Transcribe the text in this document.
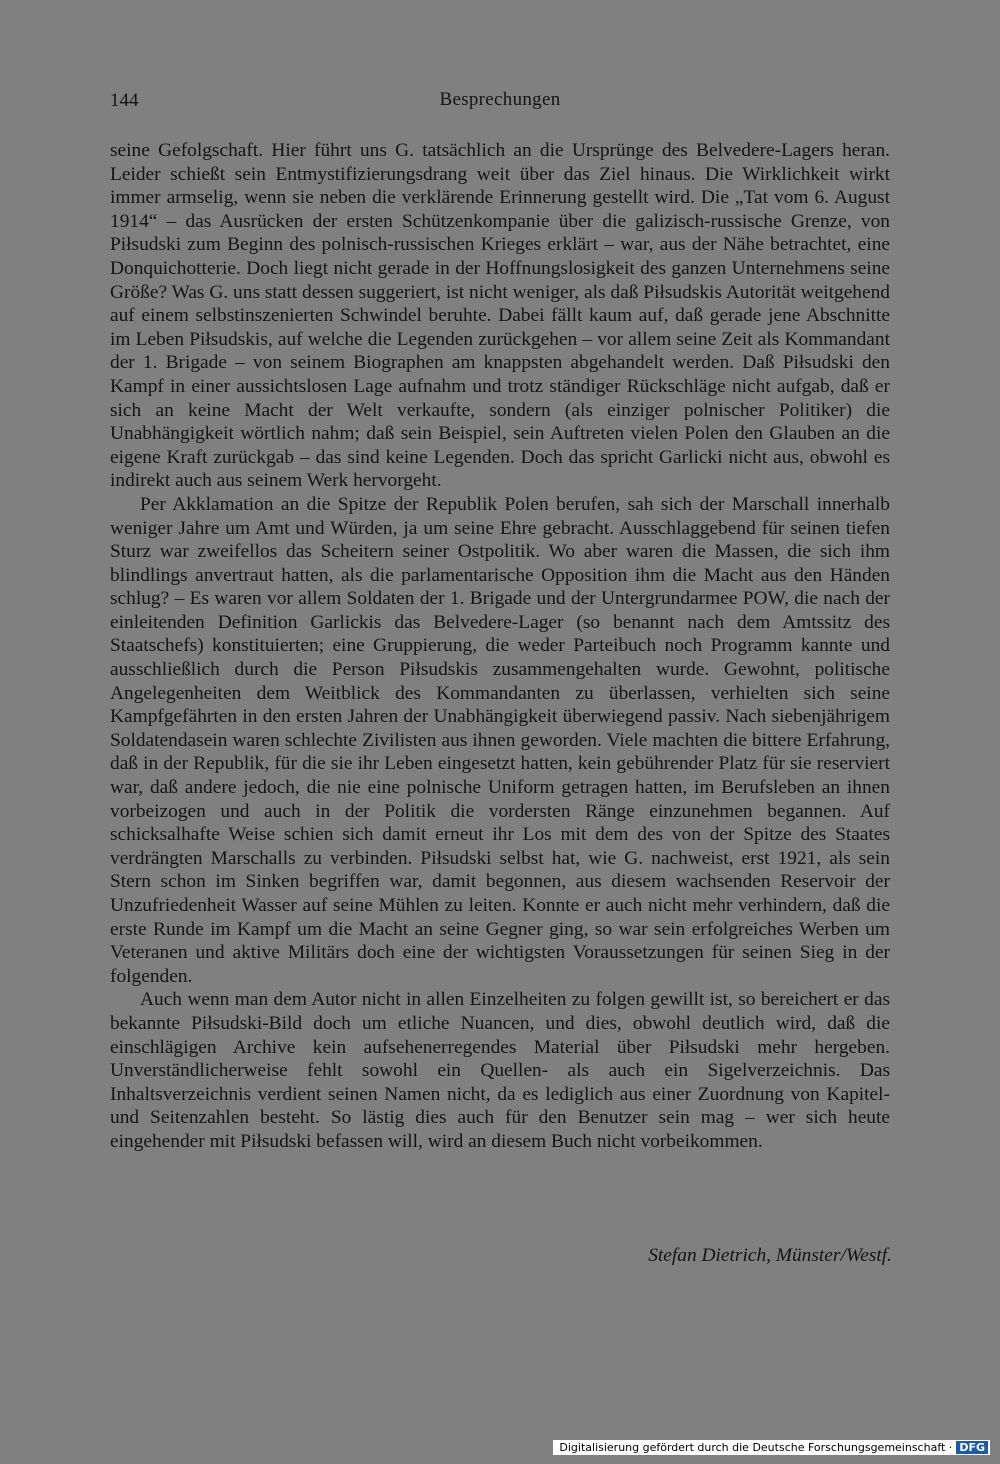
144	Besprechungen

seine Gefolgschaft. Hier führt uns G. tatsächlich an die Ursprünge des Belvedere-Lagers heran. Leider schießt sein Entmystifizierungsdrang weit über das Ziel hinaus. Die Wirklichkeit wirkt immer armselig, wenn sie neben die verklärende Erinnerung gestellt wird. Die „Tat vom 6. August 1914“ – das Ausrücken der ersten Schützenkompanie über die galizisch-russische Grenze, von Piłsudski zum Beginn des polnisch-russischen Krieges erklärt – war, aus der Nähe betrachtet, eine Donquichotterie. Doch liegt nicht gerade in der Hoffnungslosigkeit des ganzen Unternehmens seine Größe? Was G. uns statt dessen suggeriert, ist nicht weniger, als daß Piłsudskis Autorität weitgehend auf einem selbstinszenierten Schwindel beruhte. Dabei fällt kaum auf, daß gerade jene Abschnitte im Leben Piłsudskis, auf welche die Legenden zurückgehen – vor allem seine Zeit als Kommandant der 1. Brigade – von seinem Biographen am knappsten abgehandelt werden. Daß Piłsudski den Kampf in einer aussichtslosen Lage aufnahm und trotz ständiger Rückschläge nicht aufgab, daß er sich an keine Macht der Welt verkaufte, sondern (als einziger polnischer Politiker) die Unabhängigkeit wörtlich nahm; daß sein Beispiel, sein Auftreten vielen Polen den Glauben an die eigene Kraft zurückgab – das sind keine Legenden. Doch das spricht Garlicki nicht aus, obwohl es indirekt auch aus seinem Werk hervorgeht.

Per Akklamation an die Spitze der Republik Polen berufen, sah sich der Marschall innerhalb weniger Jahre um Amt und Würden, ja um seine Ehre gebracht. Ausschlaggebend für seinen tiefen Sturz war zweifellos das Scheitern seiner Ostpolitik. Wo aber waren die Massen, die sich ihm blindlings anvertraut hatten, als die parlamentarische Opposition ihm die Macht aus den Händen schlug? – Es waren vor allem Soldaten der 1. Brigade und der Untergrundarmee POW, die nach der einleitenden Definition Garlickis das Belvedere-Lager (so benannt nach dem Amtssitz des Staatschefs) konstituierten; eine Gruppierung, die weder Parteibuch noch Programm kannte und ausschließlich durch die Person Piłsudskis zusammengehalten wurde. Gewohnt, politische Angelegenheiten dem Weitblick des Kommandanten zu überlassen, verhielten sich seine Kampfgefährten in den ersten Jahren der Unabhängigkeit überwiegend passiv. Nach siebenjährigem Soldatendasein waren schlechte Zivilisten aus ihnen geworden. Viele machten die bittere Erfahrung, daß in der Republik, für die sie ihr Leben eingesetzt hatten, kein gebührender Platz für sie reserviert war, daß andere jedoch, die nie eine polnische Uniform getragen hatten, im Berufsleben an ihnen vorbeizogen und auch in der Politik die vordersten Ränge einzunehmen begannen. Auf schicksalhafte Weise schien sich damit erneut ihr Los mit dem des von der Spitze des Staates verdrängten Marschalls zu verbinden. Piłsudski selbst hat, wie G. nachweist, erst 1921, als sein Stern schon im Sinken begriffen war, damit begonnen, aus diesem wachsenden Reservoir der Unzufriedenheit Wasser auf seine Mühlen zu leiten. Konnte er auch nicht mehr verhindern, daß die erste Runde im Kampf um die Macht an seine Gegner ging, so war sein erfolgreiches Werben um Veteranen und aktive Militärs doch eine der wichtigsten Voraussetzungen für seinen Sieg in der folgenden.

Auch wenn man dem Autor nicht in allen Einzelheiten zu folgen gewillt ist, so bereichert er das bekannte Piłsudski-Bild doch um etliche Nuancen, und dies, obwohl deutlich wird, daß die einschlägigen Archive kein aufsehenerregendes Material über Piłsudski mehr hergeben. Unverständlicherweise fehlt sowohl ein Quellen- als auch ein Sigelverzeichnis. Das Inhaltsverzeichnis verdient seinen Namen nicht, da es lediglich aus einer Zuordnung von Kapitel- und Seitenzahlen besteht. So lästig dies auch für den Benutzer sein mag – wer sich heute eingehender mit Piłsudski befassen will, wird an diesem Buch nicht vorbeikommen.

Stefan Dietrich, Münster/Westf.
Digitalisierung gefördert durch die Deutsche Forschungsgemeinschaft · DFG
